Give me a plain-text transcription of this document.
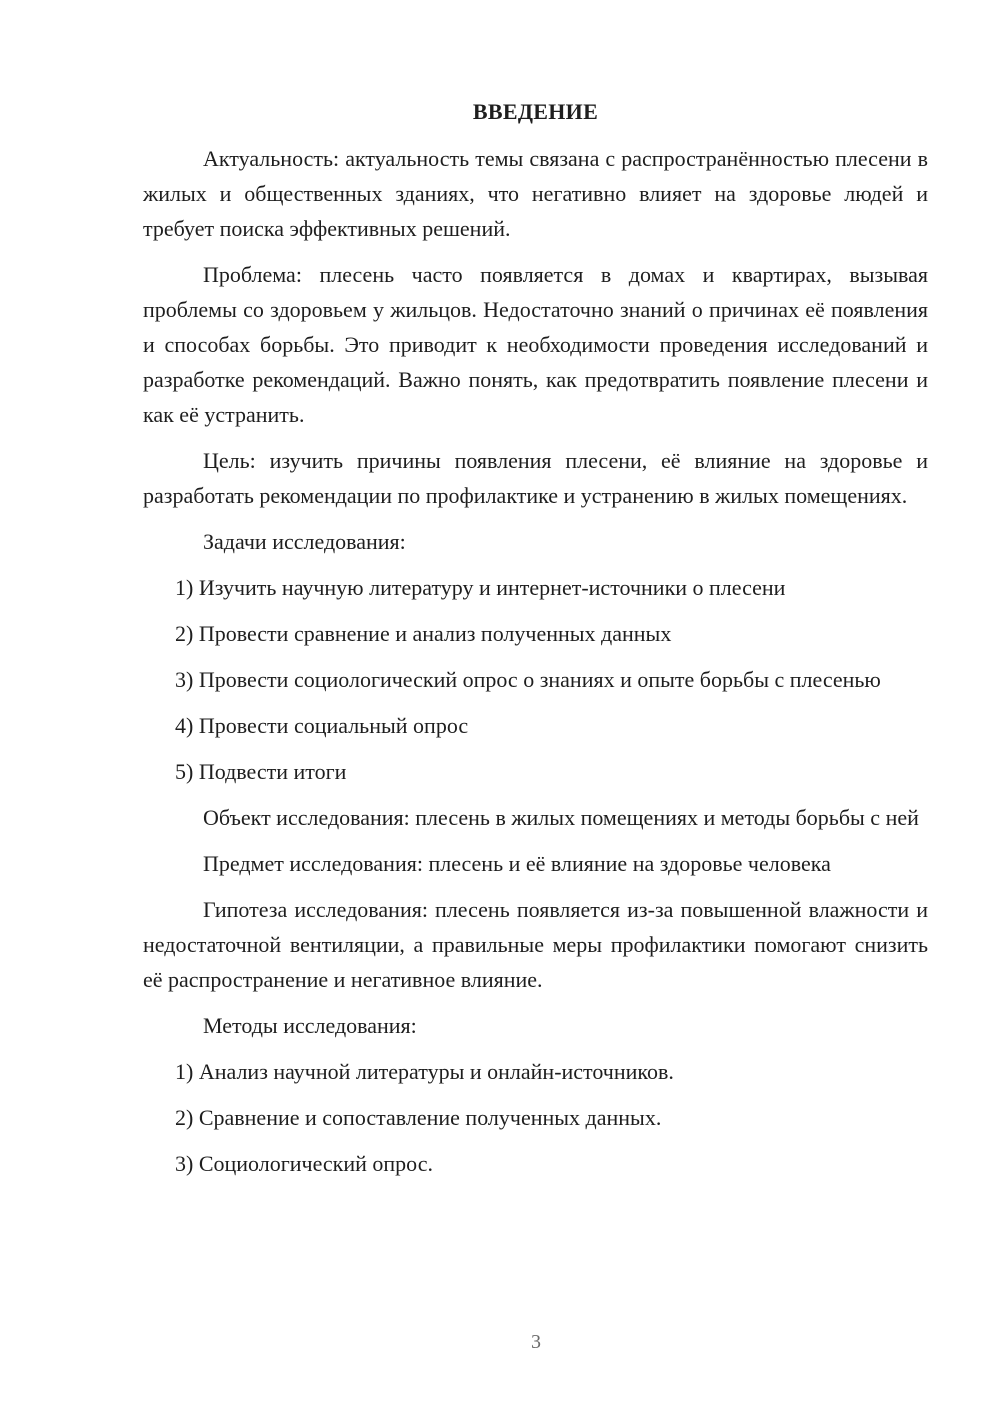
ВВЕДЕНИЕ

Актуальность: актуальность темы связана с распространённостью плесени в жилых и общественных зданиях, что негативно влияет на здоровье людей и требует поиска эффективных решений.

Проблема: плесень часто появляется в домах и квартирах, вызывая проблемы со здоровьем у жильцов. Недостаточно знаний о причинах её появления и способах борьбы. Это приводит к необходимости проведения исследований и разработке рекомендаций. Важно понять, как предотвратить появление плесени и как её устранить.

Цель: изучить причины появления плесени, её влияние на здоровье и разработать рекомендации по профилактике и устранению в жилых помещениях.

Задачи исследования:

1) Изучить научную литературу и интернет-источники о плесени

2) Провести сравнение и анализ полученных данных

3) Провести социологический опрос о знаниях и опыте борьбы с плесенью

4) Провести социальный опрос

5) Подвести итоги

Объект исследования: плесень в жилых помещениях и методы борьбы с ней

Предмет исследования: плесень и её влияние на здоровье человека

Гипотеза исследования: плесень появляется из-за повышенной влажности и недостаточной вентиляции, а правильные меры профилактики помогают снизить её распространение и негативное влияние.

Методы исследования:

1) Анализ научной литературы и онлайн-источников.

2) Сравнение и сопоставление полученных данных.

3) Социологический опрос.

3
